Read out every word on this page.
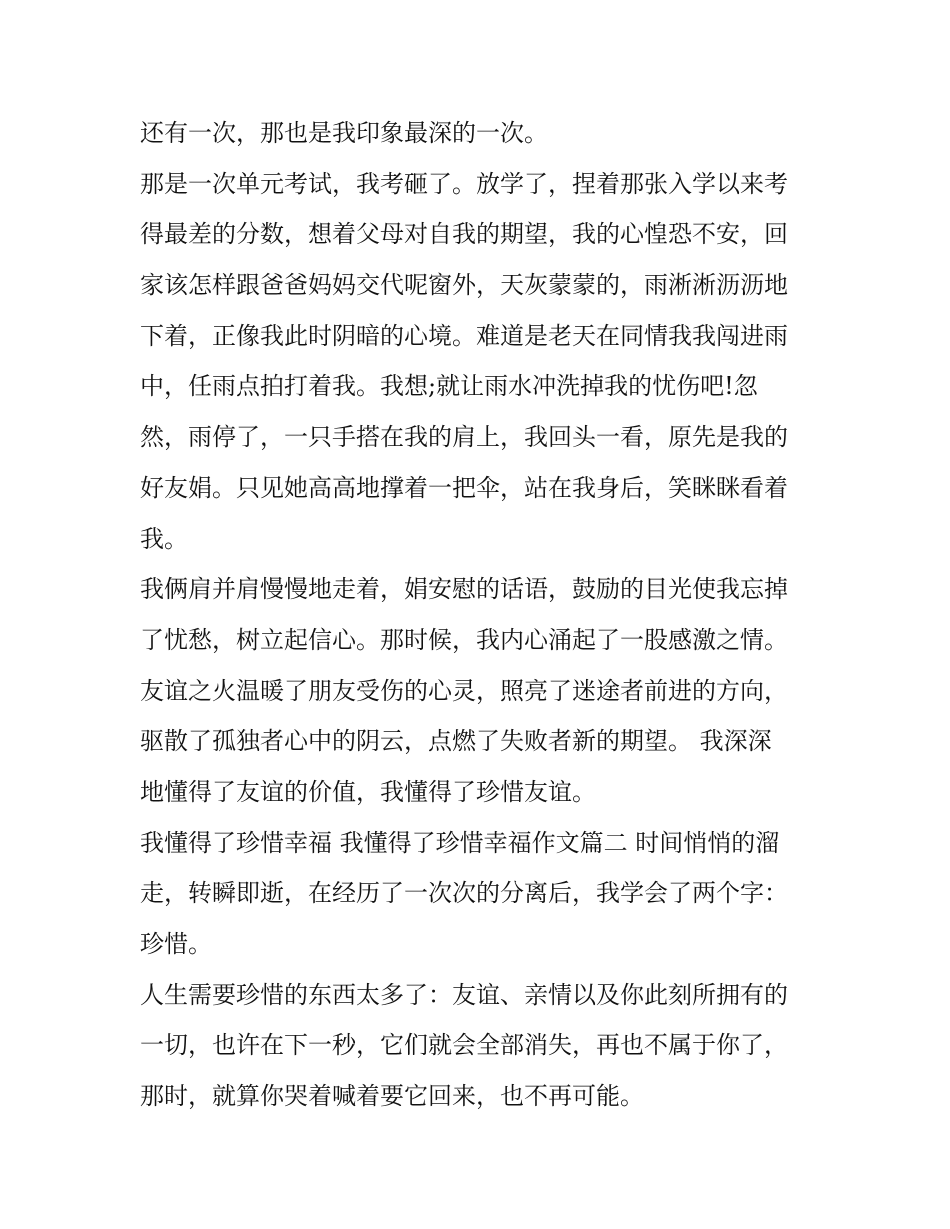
还有一次，那也是我印象最深的一次。
那是一次单元考试，我考砸了。放学了，捏着那张入学以来考
得最差的分数，想着父母对自我的期望，我的心惶恐不安，回
家该怎样跟爸爸妈妈交代呢窗外，天灰蒙蒙的，雨淅淅沥沥地
下着，正像我此时阴暗的心境。难道是老天在同情我我闯进雨
中，任雨点拍打着我。我想;就让雨水冲洗掉我的忧伤吧!忽
然，雨停了，一只手搭在我的肩上，我回头一看，原先是我的
好友娟。只见她高高地撑着一把伞，站在我身后，笑眯眯看着
我。
我俩肩并肩慢慢地走着，娟安慰的话语，鼓励的目光使我忘掉
了忧愁，树立起信心。那时候，我内心涌起了一股感激之情。
友谊之火温暖了朋友受伤的心灵，照亮了迷途者前进的方向，
驱散了孤独者心中的阴云，点燃了失败者新的期望。 我深深
地懂得了友谊的价值，我懂得了珍惜友谊。
我懂得了珍惜幸福 我懂得了珍惜幸福作文篇二 时间悄悄的溜
走，转瞬即逝，在经历了一次次的分离后，我学会了两个字：
珍惜。
人生需要珍惜的东西太多了：友谊、亲情以及你此刻所拥有的
一切，也许在下一秒，它们就会全部消失，再也不属于你了，
那时，就算你哭着喊着要它回来，也不再可能。
